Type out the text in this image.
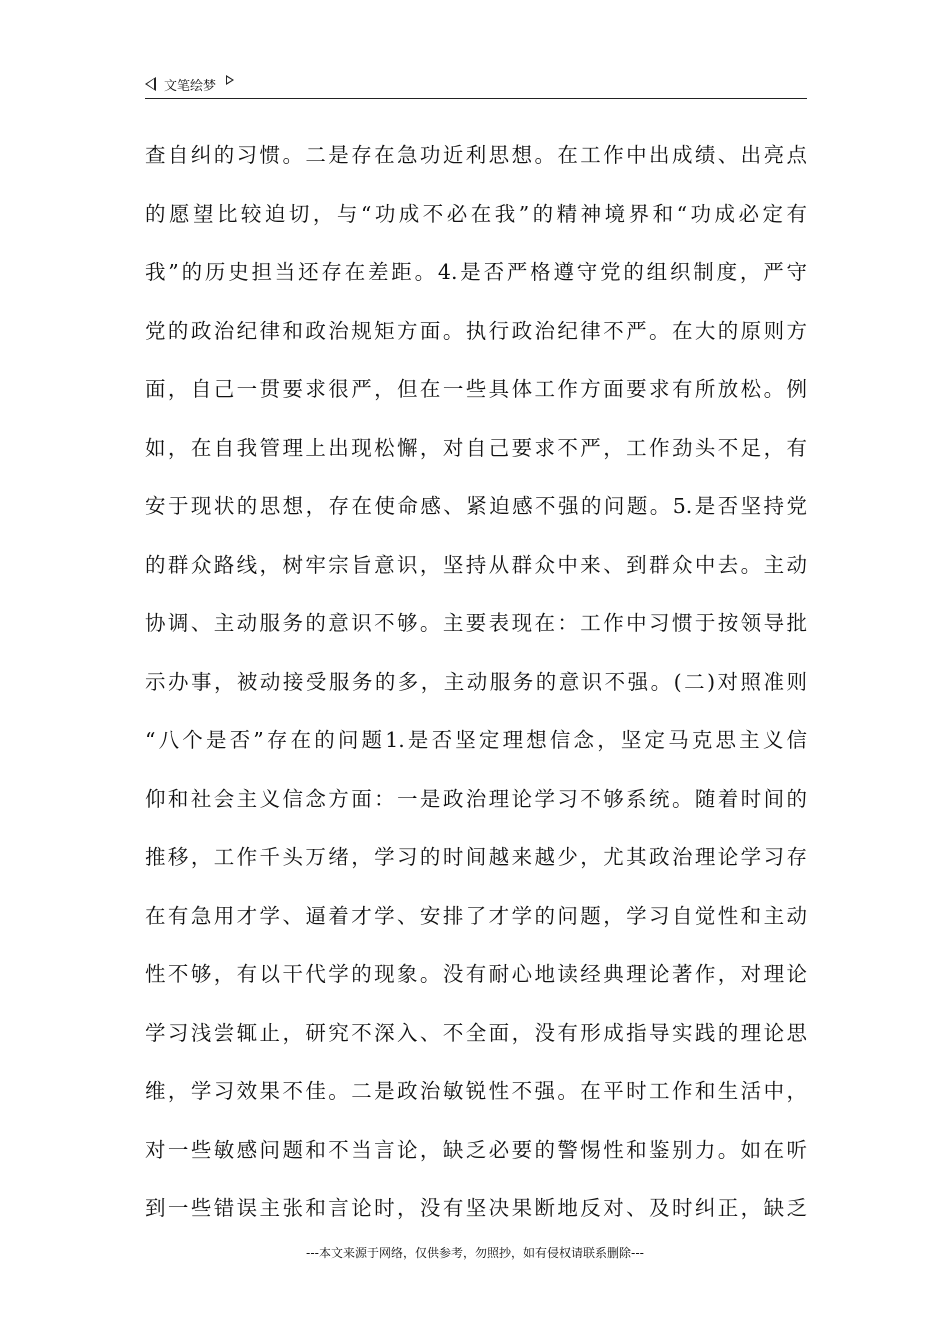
文笔绘梦
查自纠的习惯。二是存在急功近利思想。在工作中出成绩、出亮点
的愿望比较迫切，与“功成不必在我”的精神境界和“功成必定有
我”的历史担当还存在差距。4.是否严格遵守党的组织制度，严守
党的政治纪律和政治规矩方面。执行政治纪律不严。在大的原则方
面，自己一贯要求很严，但在一些具体工作方面要求有所放松。例
如，在自我管理上出现松懈，对自己要求不严，工作劲头不足，有
安于现状的思想，存在使命感、紧迫感不强的问题。5.是否坚持党
的群众路线，树牢宗旨意识，坚持从群众中来、到群众中去。主动
协调、主动服务的意识不够。主要表现在：工作中习惯于按领导批
示办事，被动接受服务的多，主动服务的意识不强。(二)对照准则
“八个是否”存在的问题1.是否坚定理想信念，坚定马克思主义信
仰和社会主义信念方面：一是政治理论学习不够系统。随着时间的
推移，工作千头万绪，学习的时间越来越少，尤其政治理论学习存
在有急用才学、逼着才学、安排了才学的问题，学习自觉性和主动
性不够，有以干代学的现象。没有耐心地读经典理论著作，对理论
学习浅尝辄止，研究不深入、不全面，没有形成指导实践的理论思
维，学习效果不佳。二是政治敏锐性不强。在平时工作和生活中，
对一些敏感问题和不当言论，缺乏必要的警惕性和鉴别力。如在听
到一些错误主张和言论时，没有坚决果断地反对、及时纠正，缺乏
---本文来源于网络，仅供参考，勿照抄，如有侵权请联系删除---
